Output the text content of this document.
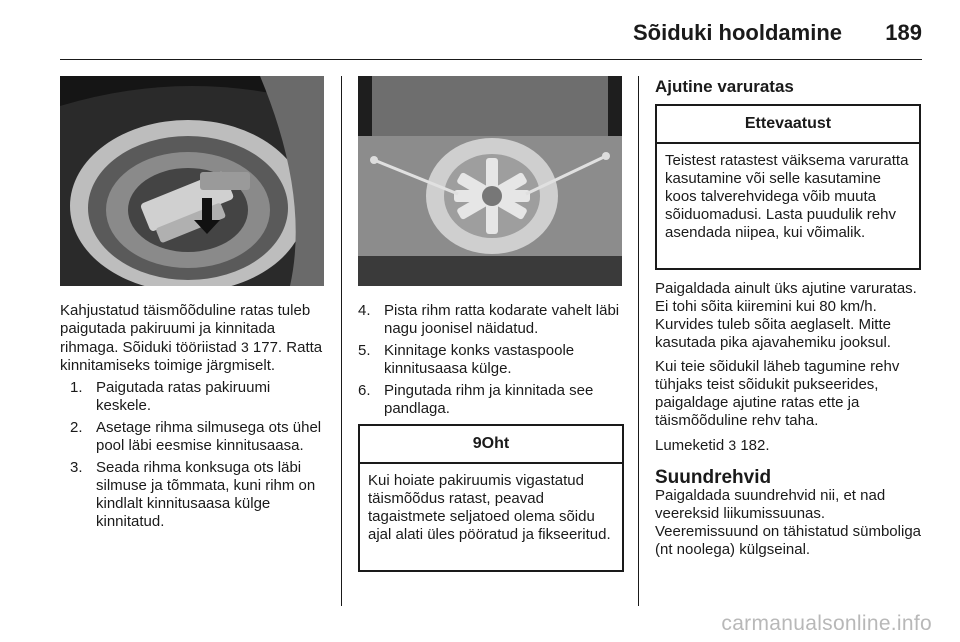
Sõiduki hooldamine 189

Kahjustatud täismõõduline ratas tuleb paigutada pakiruumi ja kinnitada rihmaga. Sõiduki tööriistad 3 177. Ratta kinnitamiseks toimige järgmiselt.

1. Paigutada ratas pakiruumi keskele.
2. Asetage rihma silmusega ots ühel pool läbi eesmise kinnitusaasa.
3. Seada rihma konksuga ots läbi silmuse ja tõmmata, kuni rihm on kindlalt kinnitusaasa külge kinnitatud.
4. Pista rihm ratta kodarate vahelt läbi nagu joonisel näidatud.
5. Kinnitage konks vastaspoole kinnitusaasa külge.
6. Pingutada rihm ja kinnitada see pandlaga.
9Oht
Kui hoiate pakiruumis vigastatud täismõõdus ratast, peavad tagaistmete seljatoed olema sõidu ajal alati üles pööratud ja fikseeritud.
Ajutine varuratas
Ettevaatust
Teistest ratastest väiksema varuratta kasutamine või selle kasutamine koos talverehvidega võib muuta sõiduomadusi. Lasta puudulik rehv asendada niipea, kui võimalik.

Paigaldada ainult üks ajutine varuratas. Ei tohi sõita kiiremini kui 80 km/h. Kurvides tuleb sõita aeglaselt. Mitte kasutada pika ajavahemiku jooksul.

Kui teie sõidukil läheb tagumine rehv tühjaks teist sõidukit pukseerides, paigaldage ajutine ratas ette ja täismõõduline rehv taha.

Lumeketid 3 182.

Suundrehvid

Paigaldada suundrehvid nii, et nad veereksid liikumissuunas. Veeremissuund on tähistatud sümboliga (nt noolega) külgseinal.

carmanualsonline.info
